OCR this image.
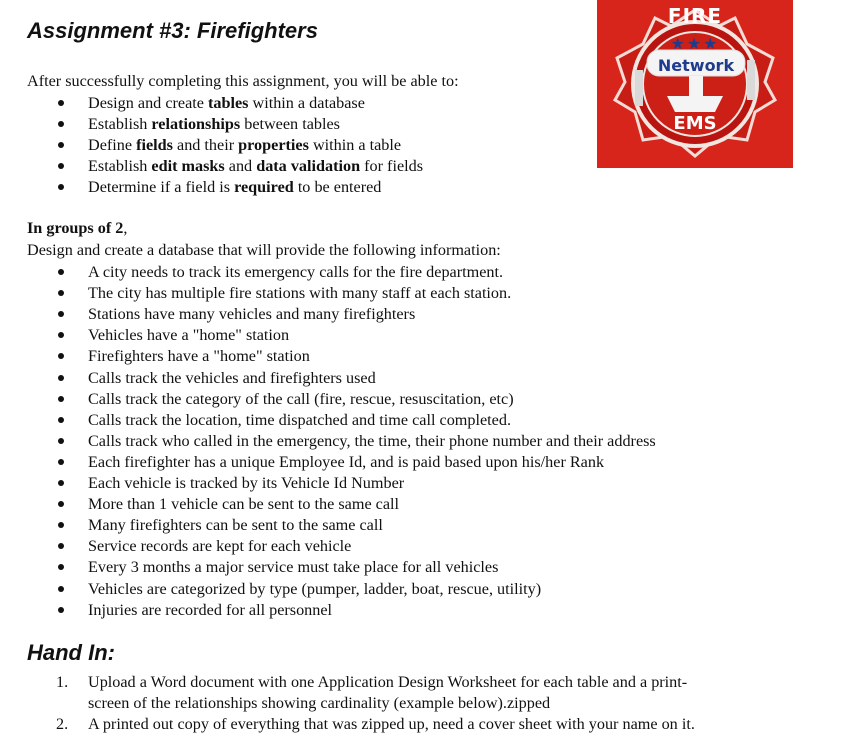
Assignment #3: Firefighters
FIRE
★★★
Network
EMS

After successfully completing this assignment, you will be able to:

Design and create tables within a database
Establish relationships between tables
Define fields and their properties within a table
Establish edit masks and data validation for fields
Determine if a field is required to be entered

In groups of 2,

Design and create a database that will provide the following information:

A city needs to track its emergency calls for the fire department.
The city has multiple fire stations with many staff at each station.
Stations have many vehicles and many firefighters
Vehicles have a "home" station
Firefighters have a "home" station
Calls track the vehicles and firefighters used
Calls track the category of the call (fire, rescue, resuscitation, etc)
Calls track the location, time dispatched and time call completed.
Calls track who called in the emergency, the time, their phone number and their address
Each firefighter has a unique Employee Id, and is paid based upon his/her Rank
Each vehicle is tracked by its Vehicle Id Number
More than 1 vehicle can be sent to the same call
Many firefighters can be sent to the same call
Service records are kept for each vehicle
Every 3 months a major service must take place for all vehicles
Vehicles are categorized by type (pumper, ladder, boat, rescue, utility)
Injuries are recorded for all personnel
Hand In:
1. Upload a Word document with one Application Design Worksheet for each table and a print-
screen of the relationships showing cardinality (example below).zipped
2. A printed out copy of everything that was zipped up, need a cover sheet with your name on it.
